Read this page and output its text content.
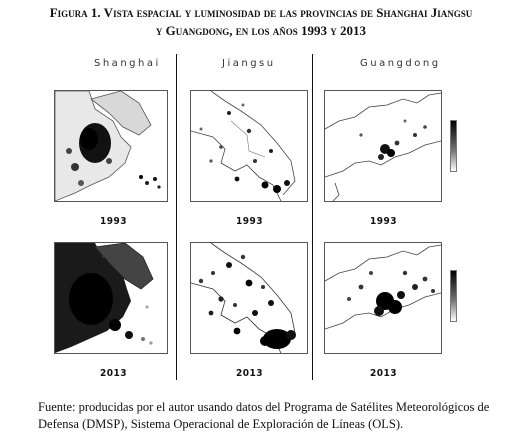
Figura 1. Vista espacial y luminosidad de las provincias de Shanghai Jiangsu
y Guangdong, en los años 1993 y 2013
Shanghai	Jiangsu	Guangdong
1993	1993	1993
2013	2013	2013
Fuente: producidas por el autor usando datos del Programa de Satélites Meteorológicos de Defensa (DMSP), Sistema Operacional de Exploración de Líneas (OLS).
